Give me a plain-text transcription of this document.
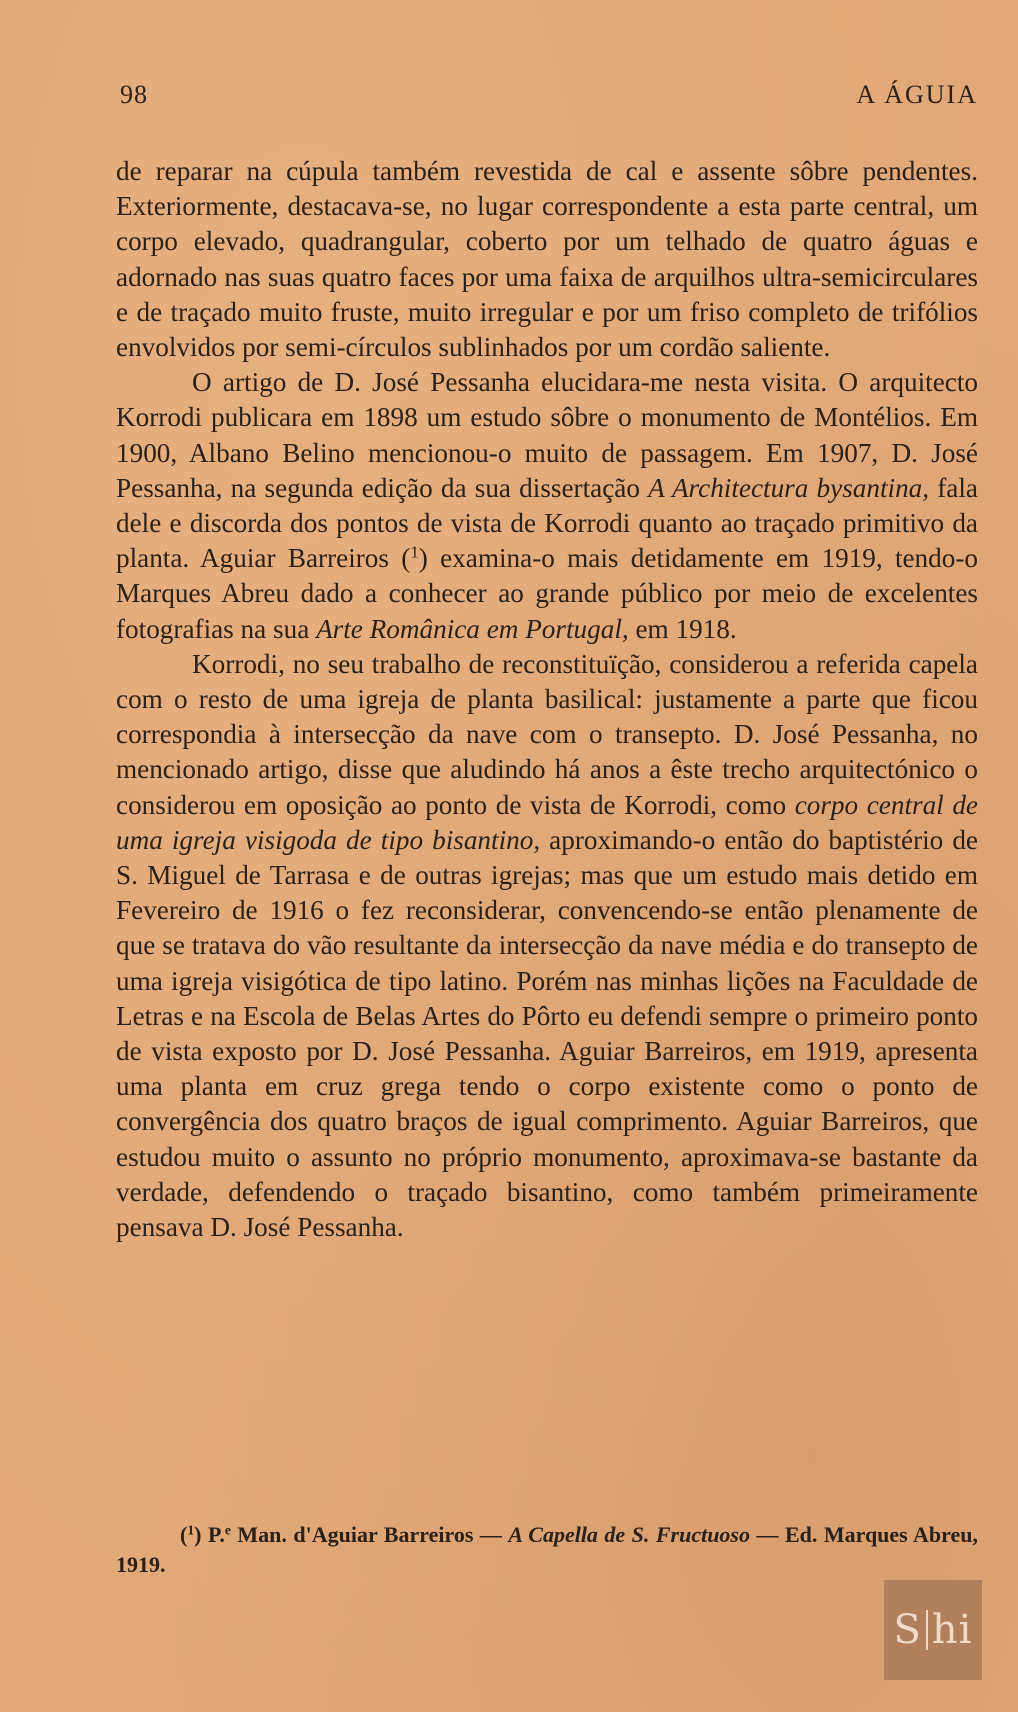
98	A ÁGUIA

de reparar na cúpula também revestida de cal e assente sôbre pendentes. Exteriormente, destacava-se, no lugar correspondente a esta parte central, um corpo elevado, quadrangular, coberto por um telhado de quatro águas e adornado nas suas quatro faces por uma faixa de arquilhos ultra-semicirculares e de traçado muito fruste, muito irregular e por um friso completo de trifólios envolvidos por semi-círculos sublinhados por um cordão saliente.

O artigo de D. José Pessanha elucidara-me nesta visita. O arquitecto Korrodi publicara em 1898 um estudo sôbre o monumento de Montélios. Em 1900, Albano Belino mencionou-o muito de passagem. Em 1907, D. José Pessanha, na segunda edição da sua dissertação A Architectura bysantina, fala dele e discorda dos pontos de vista de Korrodi quanto ao traçado primitivo da planta. Aguiar Barreiros ($^1$) examina-o mais detidamente em 1919, tendo-o Marques Abreu dado a conhecer ao grande público por meio de excelentes fotografias na sua Arte Românica em Portugal, em 1918.

Korrodi, no seu trabalho de reconstituïção, considerou a referida capela com o resto de uma igreja de planta basilical: justamente a parte que ficou correspondia à intersecção da nave com o transepto. D. José Pessanha, no mencionado artigo, disse que aludindo há anos a êste trecho arquitectónico o considerou em oposição ao ponto de vista de Korrodi, como corpo central de uma igreja visigoda de tipo bisantino, aproximando-o então do baptistério de S. Miguel de Tarrasa e de outras igrejas; mas que um estudo mais detido em Fevereiro de 1916 o fez reconsiderar, convencendo-se então plenamente de que se tratava do vão resultante da intersecção da nave média e do transepto de uma igreja visigótica de tipo latino. Porém nas minhas lições na Faculdade de Letras e na Escola de Belas Artes do Pôrto eu defendi sempre o primeiro ponto de vista exposto por D. José Pessanha. Aguiar Barreiros, em 1919, apresenta uma planta em cruz grega tendo o corpo existente como o ponto de convergência dos quatro braços de igual comprimento. Aguiar Barreiros, que estudou muito o assunto no próprio monumento, aproximava-se bastante da verdade, defendendo o traçado bisantino, como também primeiramente pensava D. José Pessanha.

($^1$) P.$^e$ Man. d'Aguiar Barreiros — A Capella de S. Fructuoso — Ed. Marques Abreu, 1919.

S hi
